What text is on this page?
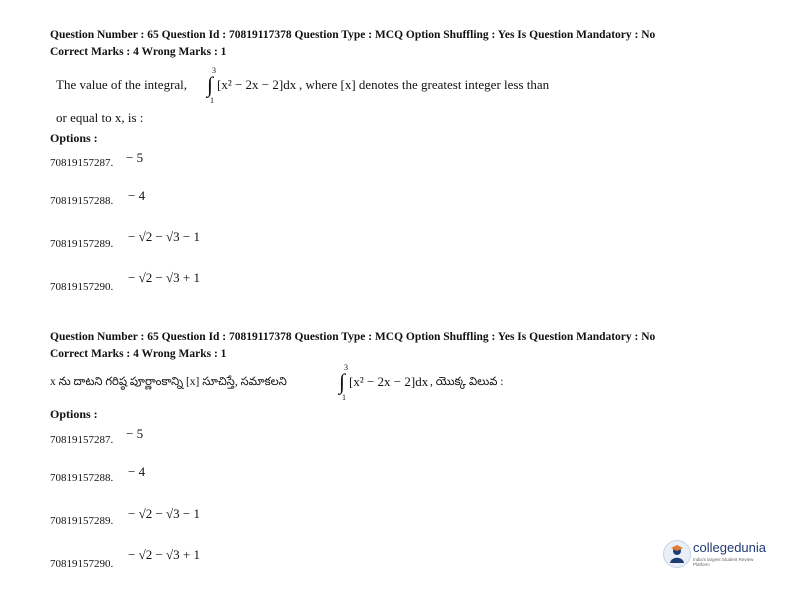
Question Number : 65 Question Id : 70819117378 Question Type : MCQ Option Shuffling : Yes Is Question Mandatory : No
Correct Marks : 4 Wrong Marks : 1
The value of the integral,
3
∫
1
[x² − 2x − 2]dx , where [x] denotes the greatest integer less than
or equal to x, is :
Options :
70819157287. − 5
70819157288. − 4
70819157289. − √2 − √3 − 1
70819157290.
− √2 − √3 + 1
Question Number : 65 Question Id : 70819117378 Question Type : MCQ Option Shuffling : Yes Is Question Mandatory : No
Correct Marks : 4 Wrong Marks : 1
x ను దాటని గరిష్ఠ పూర్ణాంకాన్ని [x] సూచిస్తే, సమాకలని
3
∫
1
[x² − 2x − 2]dx , యొక్క విలువ :
Options :
70819157287. − 5
70819157288. − 4
70819157289. − √2 − √3 − 1
70819157290.
− √2 − √3 + 1	collegedunia
India's largest Student Review Platform
